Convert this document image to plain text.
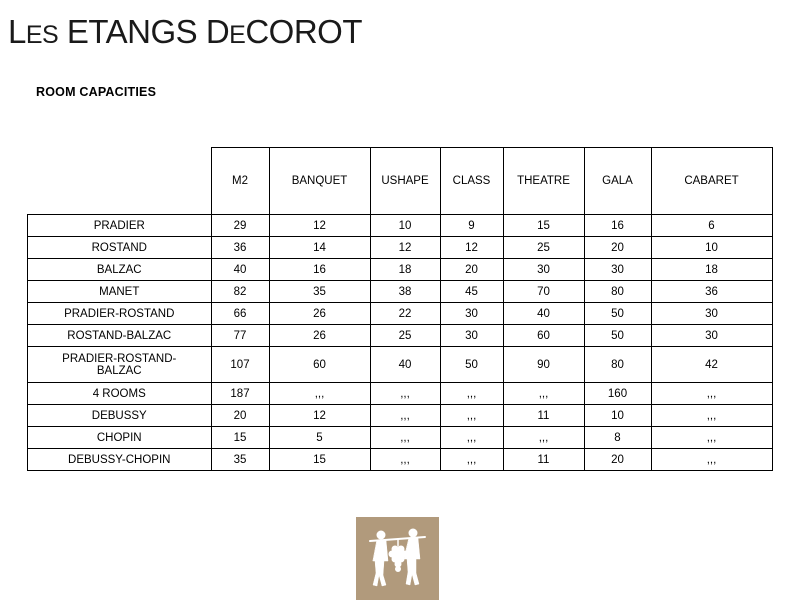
LES ETANGS DECOROT
ROOM CAPACITIES
	M2	BANQUET	USHAPE	CLASS	THEATRE	GALA	CABARET
PRADIER	29	12	10	9	15	16	6
ROSTAND	36	14	12	12	25	20	10
BALZAC	40	16	18	20	30	30	18
MANET	82	35	38	45	70	80	36
PRADIER-ROSTAND	66	26	22	30	40	50	30
ROSTAND-BALZAC	77	26	25	30	60	50	30
PRADIER-ROSTAND-BALZAC	107	60	40	50	90	80	42
4 ROOMS	187	,,,	,,,	,,,	,,,	160	,,,
DEBUSSY	20	12	,,,	,,,	11	10	,,,
CHOPIN	15	5	,,,	,,,	,,,	8	,,,
DEBUSSY-CHOPIN	35	15	,,,	,,,	11	20	,,,
